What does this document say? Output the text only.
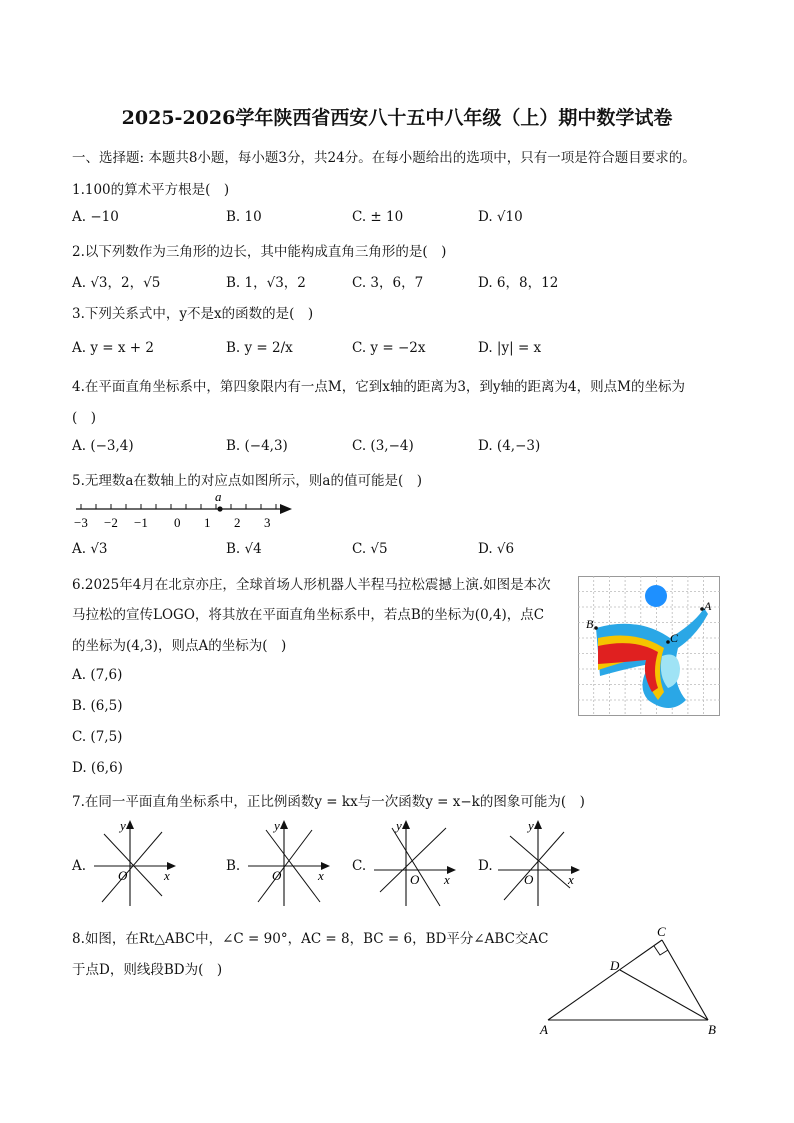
2025-2026学年陕西省西安八十五中八年级（上）期中数学试卷
一、选择题: 本题共8小题，每小题3分，共24分。在每小题给出的选项中，只有一项是符合题目要求的。
1.100的算术平方根是(　)
A. −10	B. 10	C. ± 10	D. √10
2.以下列数作为三角形的边长，其中能构成直角三角形的是(　)
A. √3，2，√5	B. 1，√3，2	C. 3，6，7	D. 6，8，12
3.下列关系式中，y不是x的函数的是(　)
A. y = x + 2	B. y = 2/x	C. y = −2x	D. |y| = x
4.在平面直角坐标系中，第四象限内有一点M，它到x轴的距离为3，到y轴的距离为4，则点M的坐标为
(　)
A. (−3,4)	B. (−4,3)	C. (3,−4)	D. (4,−3)
5.无理数a在数轴上的对应点如图所示，则a的值可能是(　)
a
−3 −2 −1 0 1 2 3
A. √3	B. √4	C. √5	D. √6
6.2025年4月在北京亦庄，全球首场人形机器人半程马拉松震撼上演.如图是本次
马拉松的宣传LOGO，将其放在平面直角坐标系中，若点B的坐标为(0,4)，点C
的坐标为(4,3)，则点A的坐标为(　)
A. (7,6)
B. (6,5)
C. (7,5)
D. (6,6)
A
B
C
7.在同一平面直角坐标系中，正比例函数y = kx与一次函数y = x−k的图象可能为(　)
A.
y
x
O
B.
y
x
O
C.
y
x
O
D.
y
x
O
8.如图，在Rt△ABC中，∠C = 90°，AC = 8，BC = 6，BD平分∠ABC交AC
于点D，则线段BD为(　)
A	B
C
D
